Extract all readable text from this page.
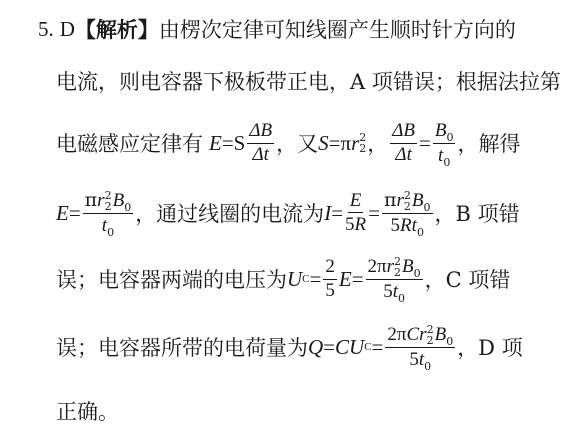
5. D 【解析】 由楞次定律可知线圈产生顺时针方向的
电流，则电容器下极板带正电，A 项错误；根据法拉第
电磁感应定律有 $E =S \frac{\Delta B}{\Delta t}$ ，又 S =π r 2
2 ， $\frac{\Delta B}{\Delta t} = \frac{B_0}{t_0}$ ，解得
E = πr 2
2 $B_0$
$t_0$ ，通过线圈的电流为 $I = \frac{E}{5R} = \pi r$ 2
2 $B_0$
$5Rt_0$ ，B 项错
误；电容器两端的电压为 U $C = \frac{2}{5}$ E = 2πr 2
2 $B_0$
$5t_0$ ，C 项错
误；电容器所带的电荷量为 Q = C U C = 2πCr 2
2 $B_0$
$5t_0$ ，D 项
正确。
